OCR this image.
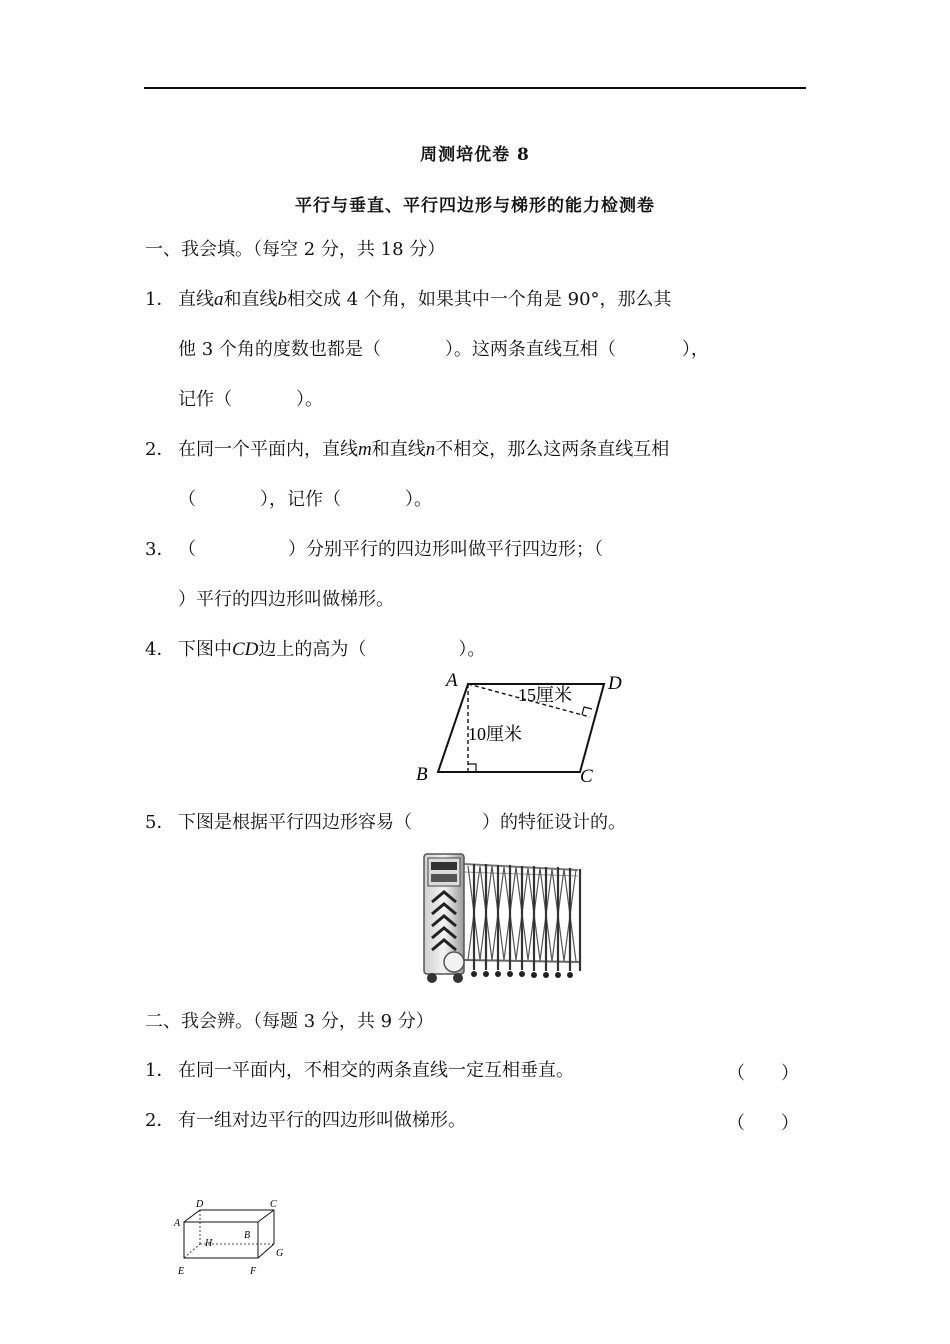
周测培优卷 8
平行与垂直、平行四边形与梯形的能力检测卷
一、我会填。（每空 2 分，共 18 分）
1． 直线a和直线b相交成 4 个角，如果其中一个角是 90°，那么其
他 3 个角的度数也都是（	）。这两条直线互相（	），
记作（	）。
2． 在同一个平面内，直线m和直线n不相交，那么这两条直线互相
（	），记作（	）。
3． （	）分别平行的四边形叫做平行四边形；（
）平行的四边形叫做梯形。
4． 下图中CD边上的高为（	）。
A	D
B	C
15厘米
10厘米
5． 下图是根据平行四边形容易（	）的特征设计的。
二、我会辨。（每题 3 分，共 9 分）
1． 在同一平面内，不相交的两条直线一定互相垂直。	（　　）
2． 有一组对边平行的四边形叫做梯形。	（　　）
A
B
C
D
E	F
G
H
